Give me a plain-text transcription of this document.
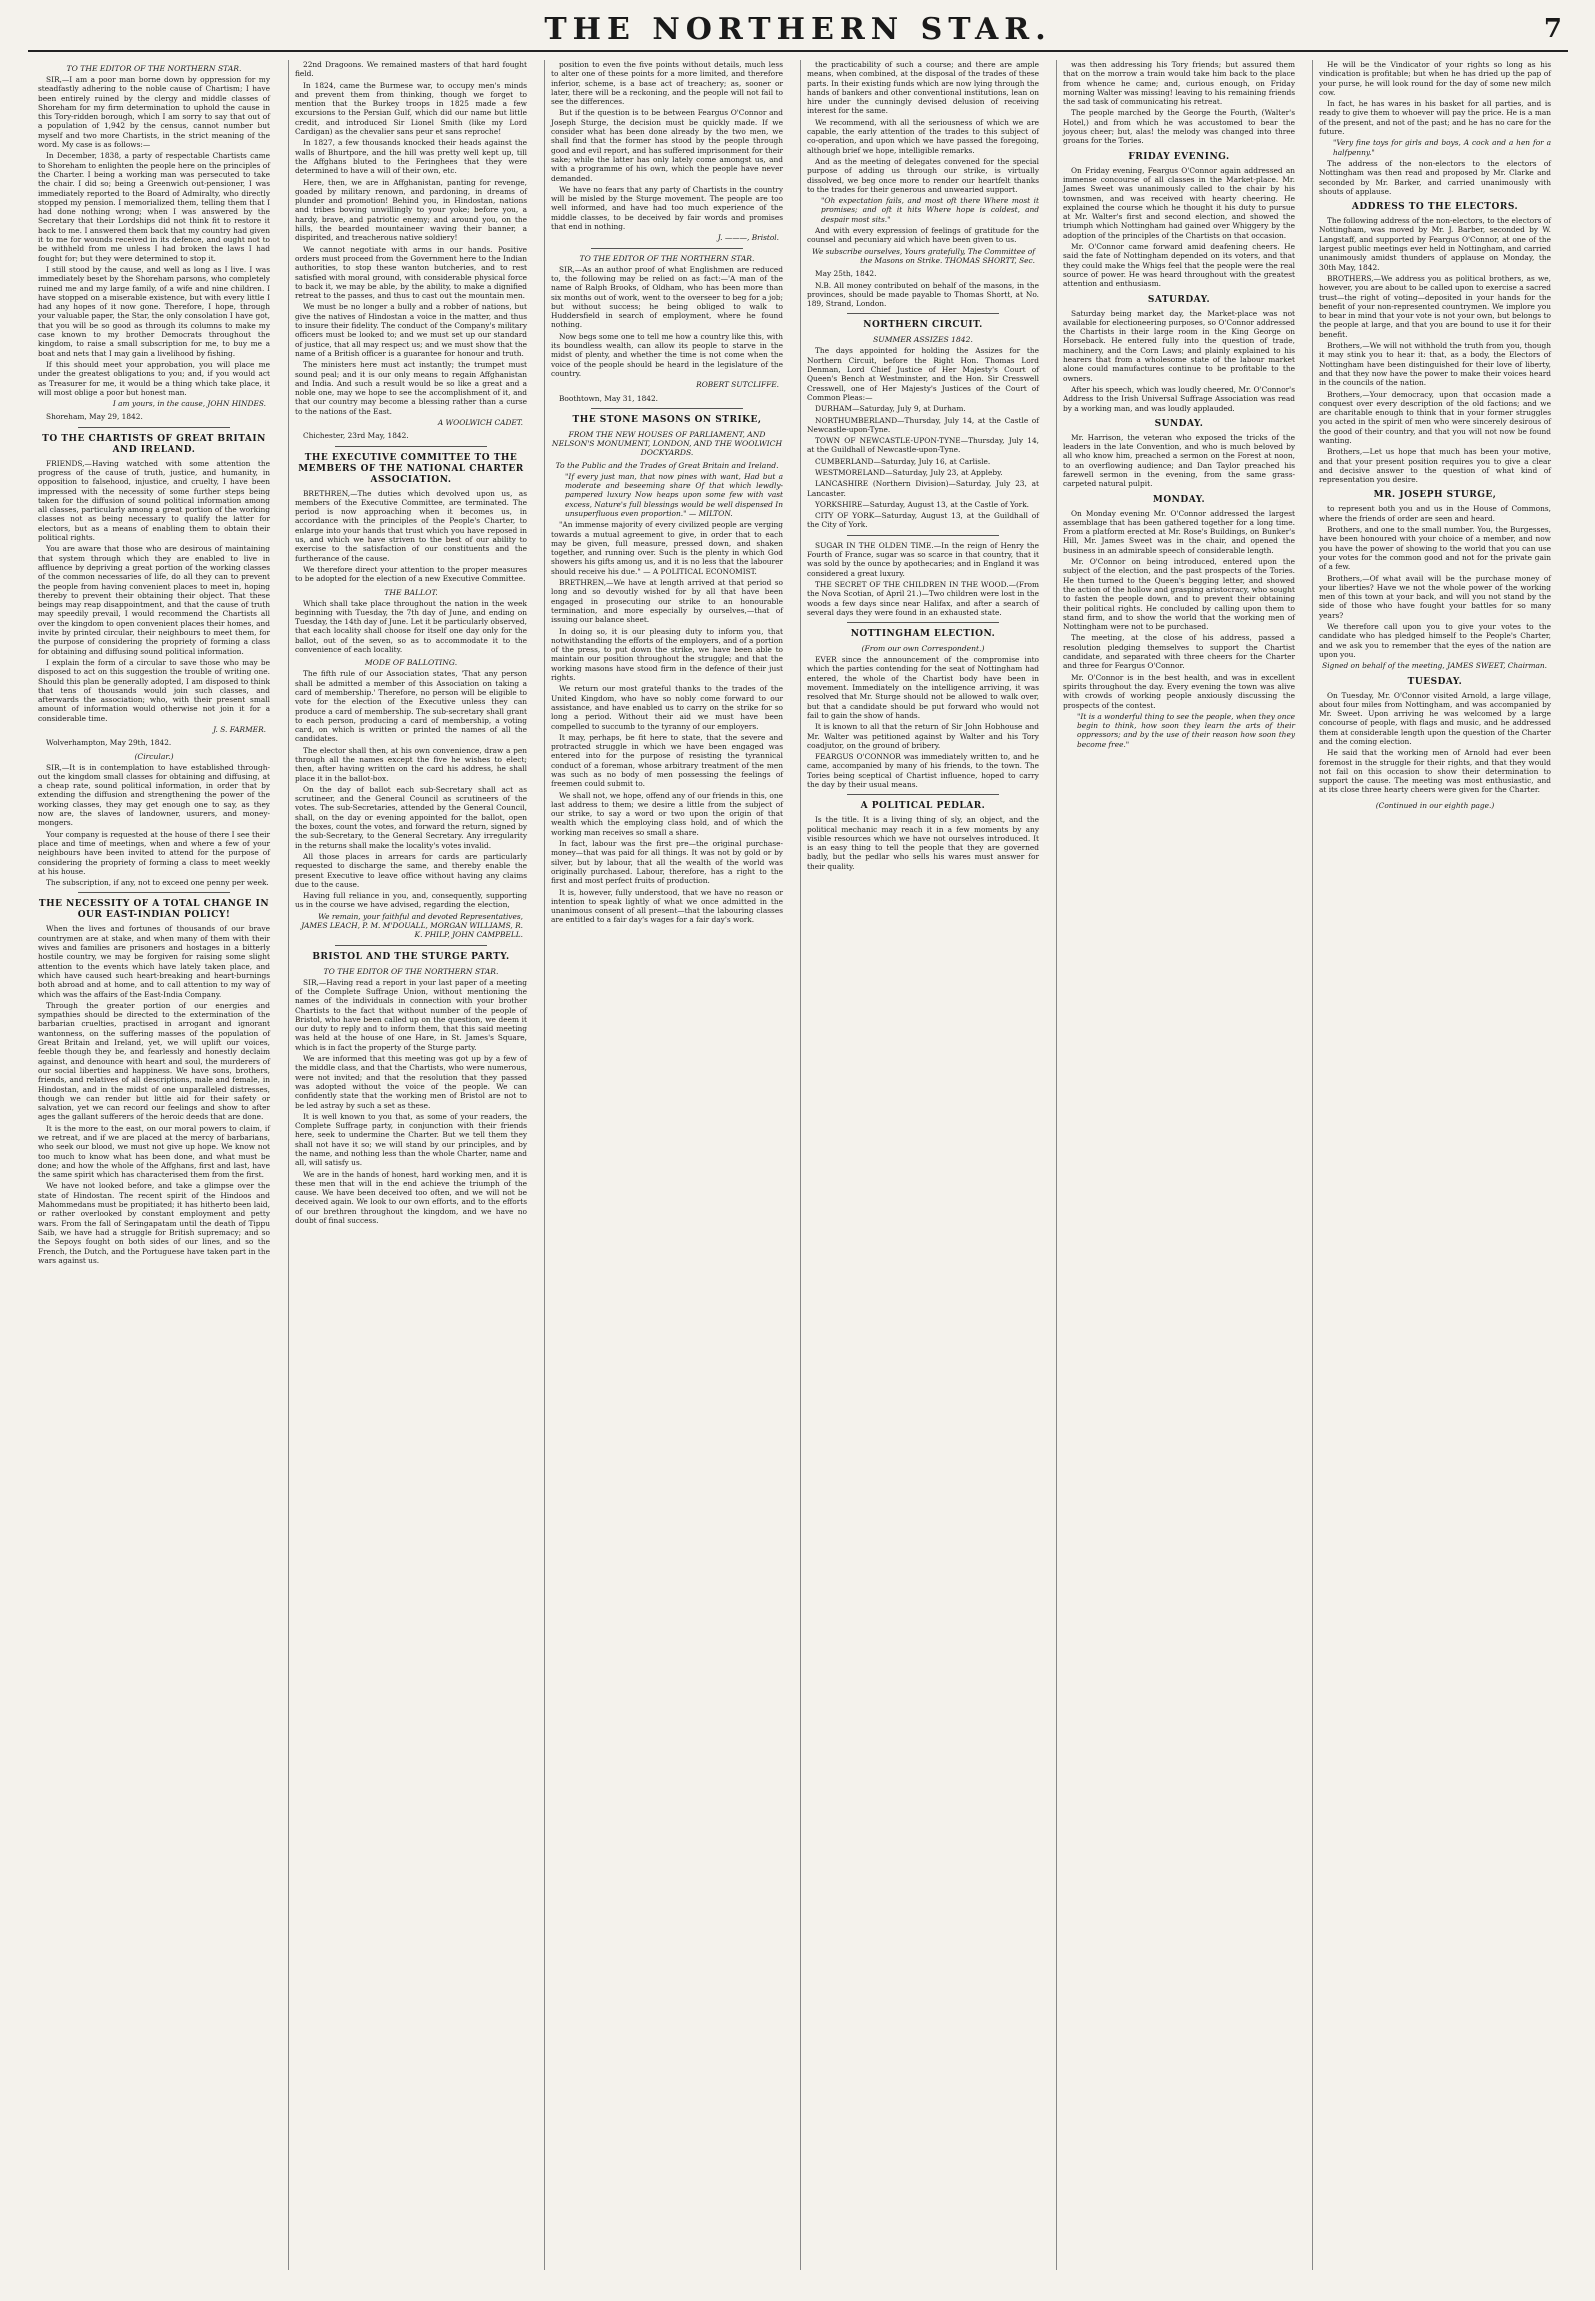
THE NORTHERN STAR.	7
TO THE EDITOR OF THE NORTHERN STAR.

SIR,—I am a poor man borne down by oppression for my steadfastly adhering to the noble cause of Chartism; I have been entirely ruined by the clergy and middle classes of Shoreham for my firm determination to uphold the cause in this Tory-ridden borough, which I am sorry to say that out of a population of 1,942 by the census, cannot number but myself and two more Chartists, in the strict meaning of the word. My case is as follows:—

In December, 1838, a party of respectable Chartists came to Shoreham to enlighten the people here on the principles of the Charter. I being a working man was persecuted to take the chair. I did so; being a Greenwich out-pensioner, I was immediately reported to the Board of Admiralty, who directly stopped my pension. I memorialized them, telling them that I had done nothing wrong; when I was answered by the Secretary that their Lordships did not think fit to restore it back to me. I answered them back that my country had given it to me for wounds received in its defence, and ought not to be withheld from me unless I had broken the laws I had fought for; but they were determined to stop it.

I still stood by the cause, and well as long as I live. I was immediately beset by the Shoreham parsons, who completely ruined me and my large family, of a wife and nine children. I have stopped on a miserable existence, but with every little I had any hopes of it now gone. Therefore, I hope, through your valuable paper, the Star, the only consolation I have got, that you will be so good as through its columns to make my case known to my brother Democrats throughout the kingdom, to raise a small subscription for me, to buy me a boat and nets that I may gain a livelihood by fishing.

If this should meet your approbation, you will place me under the greatest obligations to you; and, if you would act as Treasurer for me, it would be a thing which take place, it will most oblige a poor but honest man.

I am yours, in the cause, JOHN HINDES.

Shoreham, May 29, 1842.

TO THE CHARTISTS OF GREAT BRITAIN AND IRELAND.

FRIENDS,—Having watched with some attention the progress of the cause of truth, justice, and humanity, in opposition to falsehood, injustice, and cruelty, I have been impressed with the necessity of some further steps being taken for the diffusion of sound political information among all classes, particularly among a great portion of the working classes not as being necessary to qualify the latter for electors, but as a means of enabling them to obtain their political rights.

You are aware that those who are desirous of maintaining that system through which they are enabled to live in affluence by depriving a great portion of the working classes of the common necessaries of life, do all they can to prevent the people from having convenient places to meet in, hoping thereby to prevent their obtaining their object. That these beings may reap disappointment, and that the cause of truth may speedily prevail, I would recommend the Chartists all over the kingdom to open convenient places their homes, and invite by printed circular, their neighbours to meet them, for the purpose of considering the propriety of forming a class for obtaining and diffusing sound political information.

I explain the form of a circular to save those who may be disposed to act on this suggestion the trouble of writing one. Should this plan be generally adopted, I am disposed to think that tens of thousands would join such classes, and afterwards the association; who, with their present small amount of information would otherwise not join it for a considerable time.

J. S. FARMER.

Wolverhampton, May 29th, 1842.

(Circular.)

SIR,—It is in contemplation to have established through-out the kingdom small classes for obtaining and diffusing, at a cheap rate, sound political information, in order that by extending the diffusion and strengthening the power of the working classes, they may get enough one to say, as they now are, the slaves of landowner, usurers, and money-mongers.

Your company is requested at the house of there I see their place and time of meetings, when and where a few of your neighbours have been invited to attend for the purpose of considering the propriety of forming a class to meet weekly at his house.

The subscription, if any, not to exceed one penny per week.

THE NECESSITY OF A TOTAL CHANGE IN OUR EAST-INDIAN POLICY!

When the lives and fortunes of thousands of our brave countrymen are at stake, and when many of them with their wives and families are prisoners and hostages in a bitterly hostile country, we may be forgiven for raising some slight attention to the events which have lately taken place, and which have caused such heart-breaking and heart-burnings both abroad and at home, and to call attention to my way of which was the affairs of the East-India Company.

Through the greater portion of our energies and sympathies should be directed to the extermination of the barbarian cruelties, practised in arrogant and ignorant wantonness, on the suffering masses of the population of Great Britain and Ireland, yet, we will uplift our voices, feeble though they be, and fearlessly and honestly declaim against, and denounce with heart and soul, the murderers of our social liberties and happiness. We have sons, brothers, friends, and relatives of all descriptions, male and female, in Hindostan, and in the midst of one unparalleled distresses, though we can render but little aid for their safety or salvation, yet we can record our feelings and show to after ages the gallant sufferers of the heroic deeds that are done.

It is the more to the east, on our moral powers to claim, if we retreat, and if we are placed at the mercy of barbarians, who seek our blood, we must not give up hope. We know not too much to know what has been done, and what must be done; and how the whole of the Affghans, first and last, have the same spirit which has characterised them from the first.

We have not looked before, and take a glimpse over the state of Hindostan. The recent spirit of the Hindoos and Mahommedans must be propitiated; it has hitherto been laid, or rather overlooked by constant employment and petty wars. From the fall of Seringapatam until the death of Tippu Saib, we have had a struggle for British supremacy; and so the Sepoys fought on both sides of our lines, and so the French, the Dutch, and the Portuguese have taken part in the wars against us.

22nd Dragoons. We remained masters of that hard fought field.

In 1824, came the Burmese war, to occupy men's minds and prevent them from thinking, though we forget to mention that the Burkey troops in 1825 made a few excursions to the Persian Gulf, which did our name but little credit, and introduced Sir Lionel Smith (like my Lord Cardigan) as the chevalier sans peur et sans reproche!

In 1827, a few thousands knocked their heads against the walls of Bhurtpore, and the hill was pretty well kept up, till the Affghans bluted to the Feringhees that they were determined to have a will of their own, etc.

Here, then, we are in Affghanistan, panting for revenge, goaded by military renown, and pardoning, in dreams of plunder and promotion! Behind you, in Hindostan, nations and tribes bowing unwillingly to your yoke; before you, a hardy, brave, and patriotic enemy; and around you, on the hills, the bearded mountaineer waving their banner, a dispirited, and treacherous native soldiery!

We cannot negotiate with arms in our hands. Positive orders must proceed from the Government here to the Indian authorities, to stop these wanton butcheries, and to rest satisfied with moral ground, with considerable physical force to back it, we may be able, by the ability, to make a dignified retreat to the passes, and thus to cast out the mountain men.

We must be no longer a bully and a robber of nations, but give the natives of Hindostan a voice in the matter, and thus to insure their fidelity. The conduct of the Company's military officers must be looked to; and we must set up our standard of justice, that all may respect us; and we must show that the name of a British officer is a guarantee for honour and truth.

The ministers here must act instantly; the trumpet must sound peal; and it is our only means to regain Affghanistan and India. And such a result would be so like a great and a noble one, may we hope to see the accomplishment of it, and that our country may become a blessing rather than a curse to the nations of the East.

A WOOLWICH CADET.

Chichester, 23rd May, 1842.

THE EXECUTIVE COMMITTEE TO THE MEMBERS OF THE NATIONAL CHARTER ASSOCIATION.

BRETHREN,—The duties which devolved upon us, as members of the Executive Committee, are terminated. The period is now approaching when it becomes us, in accordance with the principles of the People's Charter, to enlarge into your hands that trust which you have reposed in us, and which we have striven to the best of our ability to exercise to the satisfaction of our constituents and the furtherance of the cause.

We therefore direct your attention to the proper measures to be adopted for the election of a new Executive Committee.

THE BALLOT.

Which shall take place throughout the nation in the week beginning with Tuesday, the 7th day of June, and ending on Tuesday, the 14th day of June. Let it be particularly observed, that each locality shall choose for itself one day only for the ballot, out of the seven, so as to accommodate it to the convenience of each locality.

MODE OF BALLOTING.

The fifth rule of our Association states, 'That any person shall be admitted a member of this Association on taking a card of membership.' Therefore, no person will be eligible to vote for the election of the Executive unless they can produce a card of membership. The sub-secretary shall grant to each person, producing a card of membership, a voting card, on which is written or printed the names of all the candidates.

The elector shall then, at his own convenience, draw a pen through all the names except the five he wishes to elect; then, after having written on the card his address, he shall place it in the ballot-box.

On the day of ballot each sub-Secretary shall act as scrutineer, and the General Council as scrutineers of the votes. The sub-Secretaries, attended by the General Council, shall, on the day or evening appointed for the ballot, open the boxes, count the votes, and forward the return, signed by the sub-Secretary, to the General Secretary. Any irregularity in the returns shall make the locality's votes invalid.

All those places in arrears for cards are particularly requested to discharge the same, and thereby enable the present Executive to leave office without having any claims due to the cause.

Having full reliance in you, and, consequently, supporting us in the course we have advised, regarding the election,

We remain, your faithful and devoted Representatives, JAMES LEACH, P. M. M'DOUALL, MORGAN WILLIAMS, R. K. PHILP, JOHN CAMPBELL.
BRISTOL AND THE STURGE PARTY.
TO THE EDITOR OF THE NORTHERN STAR.

SIR,—Having read a report in your last paper of a meeting of the Complete Suffrage Union, without mentioning the names of the individuals in connection with your brother Chartists to the fact that without number of the people of Bristol, who have been called up on the question, we deem it our duty to reply and to inform them, that this said meeting was held at the house of one Hare, in St. James's Square, which is in fact the property of the Sturge party.

We are informed that this meeting was got up by a few of the middle class, and that the Chartists, who were numerous, were not invited; and that the resolution that they passed was adopted without the voice of the people. We can confidently state that the working men of Bristol are not to be led astray by such a set as these.

It is well known to you that, as some of your readers, the Complete Suffrage party, in conjunction with their friends here, seek to undermine the Charter. But we tell them they shall not have it so; we will stand by our principles, and by the name, and nothing less than the whole Charter, name and all, will satisfy us.

We are in the hands of honest, hard working men, and it is these men that will in the end achieve the triumph of the cause. We have been deceived too often, and we will not be deceived again. We look to our own efforts, and to the efforts of our brethren throughout the kingdom, and we have no doubt of final success.

position to even the five points without details, much less to alter one of these points for a more limited, and therefore inferior, scheme, is a base act of treachery; as, sooner or later, there will be a reckoning, and the people will not fail to see the differences.

But if the question is to be between Feargus O'Connor and Joseph Sturge, the decision must be quickly made. If we consider what has been done already by the two men, we shall find that the former has stood by the people through good and evil report, and has suffered imprisonment for their sake; while the latter has only lately come amongst us, and with a programme of his own, which the people have never demanded.

We have no fears that any party of Chartists in the country will be misled by the Sturge movement. The people are too well informed, and have had too much experience of the middle classes, to be deceived by fair words and promises that end in nothing.

J. ———, Bristol.
TO THE EDITOR OF THE NORTHERN STAR.

SIR,—As an author proof of what Englishmen are reduced to, the following may be relied on as fact:—'A man of the name of Ralph Brooks, of Oldham, who has been more than six months out of work, went to the overseer to beg for a job; but without success; he being obliged to walk to Huddersfield in search of employment, where he found nothing.

Now begs some one to tell me how a country like this, with its boundless wealth, can allow its people to starve in the midst of plenty, and whether the time is not come when the voice of the people should be heard in the legislature of the country.

ROBERT SUTCLIFFE.

Boothtown, May 31, 1842.

THE STONE MASONS ON STRIKE,
FROM THE NEW HOUSES OF PARLIAMENT, AND NELSON'S MONUMENT, LONDON, AND THE WOOLWICH DOCKYARDS.
To the Public and the Trades of Great Britain and Ireland.

"If every just man, that now pines with want, Had but a moderate and beseeming share Of that which lewdly-pampered luxury Now heaps upon some few with vast excess, Nature's full blessings would be well dispensed In unsuperfluous even proportion." — MILTON.

"An immense majority of every civilized people are verging towards a mutual agreement to give, in order that to each may be given, full measure, pressed down, and shaken together, and running over. Such is the plenty in which God showers his gifts among us, and it is no less that the labourer should receive his due." — A POLITICAL ECONOMIST.

BRETHREN,—We have at length arrived at that period so long and so devoutly wished for by all that have been engaged in prosecuting our strike to an honourable termination, and more especially by ourselves,—that of issuing our balance sheet.

In doing so, it is our pleasing duty to inform you, that notwithstanding the efforts of the employers, and of a portion of the press, to put down the strike, we have been able to maintain our position throughout the struggle; and that the working masons have stood firm in the defence of their just rights.

We return our most grateful thanks to the trades of the United Kingdom, who have so nobly come forward to our assistance, and have enabled us to carry on the strike for so long a period. Without their aid we must have been compelled to succumb to the tyranny of our employers.

It may, perhaps, be fit here to state, that the severe and protracted struggle in which we have been engaged was entered into for the purpose of resisting the tyrannical conduct of a foreman, whose arbitrary treatment of the men was such as no body of men possessing the feelings of freemen could submit to.

We shall not, we hope, offend any of our friends in this, one last address to them; we desire a little from the subject of our strike, to say a word or two upon the origin of that wealth which the employing class hold, and of which the working man receives so small a share.

In fact, labour was the first pre—the original purchase-money—that was paid for all things. It was not by gold or by silver, but by labour, that all the wealth of the world was originally purchased. Labour, therefore, has a right to the first and most perfect fruits of production.

It is, however, fully understood, that we have no reason or intention to speak lightly of what we once admitted in the unanimous consent of all present—that the labouring classes are entitled to a fair day's wages for a fair day's work.

the practicability of such a course; and there are ample means, when combined, at the disposal of the trades of these parts. In their existing funds which are now lying through the hands of bankers and other conventional institutions, lean on hire under the cunningly devised delusion of receiving interest for the same.

We recommend, with all the seriousness of which we are capable, the early attention of the trades to this subject of co-operation, and upon which we have passed the foregoing, although brief we hope, intelligible remarks.

And as the meeting of delegates convened for the special purpose of adding us through our strike, is virtually dissolved, we beg once more to render our heartfelt thanks to the trades for their generous and unwearied support.

"Oh expectation fails, and most oft there Where most it promises; and oft it hits Where hope is coldest, and despair most sits."

And with every expression of feelings of gratitude for the counsel and pecuniary aid which have been given to us.

We subscribe ourselves, Yours gratefully, The Committee of the Masons on Strike. THOMAS SHORTT, Sec.

May 25th, 1842.

N.B. All money contributed on behalf of the masons, in the provinces, should be made payable to Thomas Shortt, at No. 189, Strand, London.

NORTHERN CIRCUIT.
SUMMER ASSIZES 1842.

The days appointed for holding the Assizes for the Northern Circuit, before the Right Hon. Thomas Lord Denman, Lord Chief Justice of Her Majesty's Court of Queen's Bench at Westminster, and the Hon. Sir Cresswell Cresswell, one of Her Majesty's Justices of the Court of Common Pleas:—

DURHAM—Saturday, July 9, at Durham.

NORTHUMBERLAND—Thursday, July 14, at the Castle of Newcastle-upon-Tyne.

TOWN OF NEWCASTLE-UPON-TYNE—Thursday, July 14, at the Guildhall of Newcastle-upon-Tyne.

CUMBERLAND—Saturday, July 16, at Carlisle.

WESTMORELAND—Saturday, July 23, at Appleby.

LANCASHIRE (Northern Division)—Saturday, July 23, at Lancaster.

YORKSHIRE—Saturday, August 13, at the Castle of York.

CITY OF YORK—Saturday, August 13, at the Guildhall of the City of York.

SUGAR IN THE OLDEN TIME.—In the reign of Henry the Fourth of France, sugar was so scarce in that country, that it was sold by the ounce by apothecaries; and in England it was considered a great luxury.

THE SECRET OF THE CHILDREN IN THE WOOD.—(From the Nova Scotian, of April 21.)—Two children were lost in the woods a few days since near Halifax, and after a search of several days they were found in an exhausted state.

NOTTINGHAM ELECTION.
(From our own Correspondent.)

EVER since the announcement of the compromise into which the parties contending for the seat of Nottingham had entered, the whole of the Chartist body have been in movement. Immediately on the intelligence arriving, it was resolved that Mr. Sturge should not be allowed to walk over, but that a candidate should be put forward who would not fail to gain the show of hands.

It is known to all that the return of Sir John Hobhouse and Mr. Walter was petitioned against by Walter and his Tory coadjutor, on the ground of bribery.

FEARGUS O'CONNOR was immediately written to, and he came, accompanied by many of his friends, to the town. The Tories being sceptical of Chartist influence, hoped to carry the day by their usual means.

A POLITICAL PEDLAR.

Is the title. It is a living thing of sly, an object, and the political mechanic may reach it in a few moments by any visible resources which we have not ourselves introduced. It is an easy thing to tell the people that they are governed badly, but the pedlar who sells his wares must answer for their quality.

was then addressing his Tory friends; but assured them that on the morrow a train would take him back to the place from whence he came; and, curious enough, on Friday morning Walter was missing! leaving to his remaining friends the sad task of communicating his retreat.

The people marched by the George the Fourth, (Walter's Hotel,) and from which he was accustomed to bear the joyous cheer; but, alas! the melody was changed into three groans for the Tories.

FRIDAY EVENING.

On Friday evening, Feargus O'Connor again addressed an immense concourse of all classes in the Market-place. Mr. James Sweet was unanimously called to the chair by his townsmen, and was received with hearty cheering. He explained the course which he thought it his duty to pursue at Mr. Walter's first and second election, and showed the triumph which Nottingham had gained over Whiggery by the adoption of the principles of the Chartists on that occasion.

Mr. O'Connor came forward amid deafening cheers. He said the fate of Nottingham depended on its voters, and that they could make the Whigs feel that the people were the real source of power. He was heard throughout with the greatest attention and enthusiasm.

SATURDAY.

Saturday being market day, the Market-place was not available for electioneering purposes, so O'Connor addressed the Chartists in their large room in the King George on Horseback. He entered fully into the question of trade, machinery, and the Corn Laws; and plainly explained to his hearers that from a wholesome state of the labour market alone could manufactures continue to be profitable to the owners.

After his speech, which was loudly cheered, Mr. O'Connor's Address to the Irish Universal Suffrage Association was read by a working man, and was loudly applauded.

SUNDAY.

Mr. Harrison, the veteran who exposed the tricks of the leaders in the late Convention, and who is much beloved by all who know him, preached a sermon on the Forest at noon, to an overflowing audience; and Dan Taylor preached his farewell sermon in the evening, from the same grass-carpeted natural pulpit.

MONDAY.

On Monday evening Mr. O'Connor addressed the largest assemblage that has been gathered together for a long time. From a platform erected at Mr. Rose's Buildings, on Bunker's Hill, Mr. James Sweet was in the chair, and opened the business in an admirable speech of considerable length.

Mr. O'Connor on being introduced, entered upon the subject of the election, and the past prospects of the Tories. He then turned to the Queen's begging letter, and showed the action of the hollow and grasping aristocracy, who sought to fasten the people down, and to prevent their obtaining their political rights. He concluded by calling upon them to stand firm, and to show the world that the working men of Nottingham were not to be purchased.

The meeting, at the close of his address, passed a resolution pledging themselves to support the Chartist candidate, and separated with three cheers for the Charter and three for Feargus O'Connor.

Mr. O'Connor is in the best health, and was in excellent spirits throughout the day. Every evening the town was alive with crowds of working people anxiously discussing the prospects of the contest.

"It is a wonderful thing to see the people, when they once begin to think, how soon they learn the arts of their oppressors; and by the use of their reason how soon they become free."

He will be the Vindicator of your rights so long as his vindication is profitable; but when he has dried up the pap of your purse, he will look round for the day of some new milch cow.

In fact, he has wares in his basket for all parties, and is ready to give them to whoever will pay the price. He is a man of the present, and not of the past; and he has no care for the future.

"Very fine toys for girls and boys, A cock and a hen for a halfpenny."

The address of the non-electors to the electors of Nottingham was then read and proposed by Mr. Clarke and seconded by Mr. Barker, and carried unanimously with shouts of applause.

ADDRESS TO THE ELECTORS.

The following address of the non-electors, to the electors of Nottingham, was moved by Mr. J. Barber, seconded by W. Langstaff, and supported by Feargus O'Connor, at one of the largest public meetings ever held in Nottingham, and carried unanimously amidst thunders of applause on Monday, the 30th May, 1842.

BROTHERS,—We address you as political brothers, as we, however, you are about to be called upon to exercise a sacred trust—the right of voting—deposited in your hands for the benefit of your non-represented countrymen. We implore you to bear in mind that your vote is not your own, but belongs to the people at large, and that you are bound to use it for their benefit.

Brothers,—We will not withhold the truth from you, though it may stink you to hear it: that, as a body, the Electors of Nottingham have been distinguished for their love of liberty, and that they now have the power to make their voices heard in the councils of the nation.

Brothers,—Your democracy, upon that occasion made a conquest over every description of the old factions; and we are charitable enough to think that in your former struggles you acted in the spirit of men who were sincerely desirous of the good of their country, and that you will not now be found wanting.

Brothers,—Let us hope that much has been your motive, and that your present position requires you to give a clear and decisive answer to the question of what kind of representation you desire.

MR. JOSEPH STURGE,

to represent both you and us in the House of Commons, where the friends of order are seen and heard.

Brothers, and one to the small number. You, the Burgesses, have been honoured with your choice of a member, and now you have the power of showing to the world that you can use your votes for the common good and not for the private gain of a few.

Brothers,—Of what avail will be the purchase money of your liberties? Have we not the whole power of the working men of this town at your back, and will you not stand by the side of those who have fought your battles for so many years?

We therefore call upon you to give your votes to the candidate who has pledged himself to the People's Charter, and we ask you to remember that the eyes of the nation are upon you.

Signed on behalf of the meeting, JAMES SWEET, Chairman.
TUESDAY.

On Tuesday, Mr. O'Connor visited Arnold, a large village, about four miles from Nottingham, and was accompanied by Mr. Sweet. Upon arriving he was welcomed by a large concourse of people, with flags and music, and he addressed them at considerable length upon the question of the Charter and the coming election.

He said that the working men of Arnold had ever been foremost in the struggle for their rights, and that they would not fail on this occasion to show their determination to support the cause. The meeting was most enthusiastic, and at its close three hearty cheers were given for the Charter.

(Continued in our eighth page.)
